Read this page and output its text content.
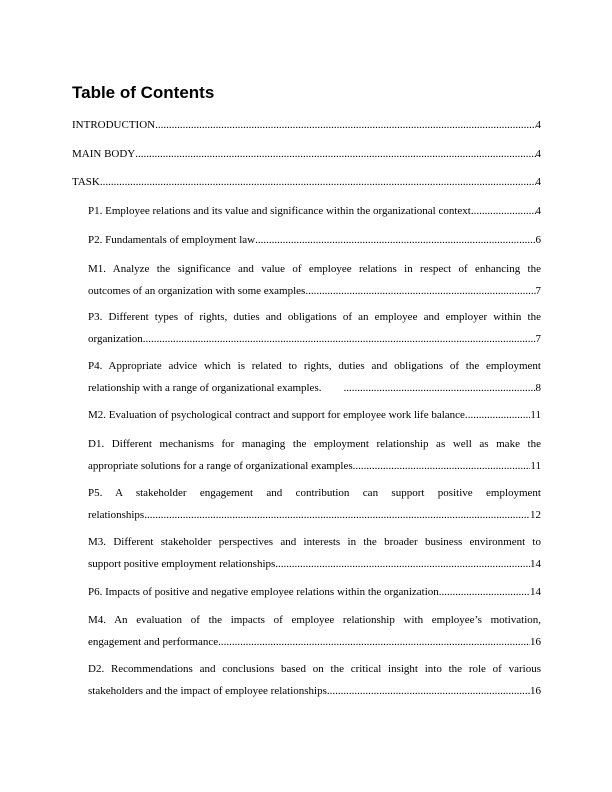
Table of Contents
INTRODUCTION .....	4
MAIN BODY .....	4
TASK .....	4
P1. Employee relations and its value and significance within the organizational context. .....	4
P2. Fundamentals of employment law .....	6
M1. Analyze the significance and value of employee relations in respect of enhancing the
outcomes of an organization with some examples .....	7
P3. Different types of rights, duties and obligations of an employee and employer within the
organization .....	7
P4. Appropriate advice which is related to rights, duties and obligations of the employment
relationship with a range of organizational examples. .....	8
M2. Evaluation of psychological contract and support for employee work life balance. .....	11
D1. Different mechanisms for managing the employment relationship as well as make the
appropriate solutions for a range of organizational examples .....	11
P5. A stakeholder engagement and contribution can support positive employment
relationships .....	12
M3. Different stakeholder perspectives and interests in the broader business environment to
support positive employment relationships .....	14
P6. Impacts of positive and negative employee relations within the organization .....	14
M4. An evaluation of the impacts of employee relationship with employee’s motivation,
engagement and performance .....	16
D2. Recommendations and conclusions based on the critical insight into the role of various
stakeholders and the impact of employee relationships .....	16
